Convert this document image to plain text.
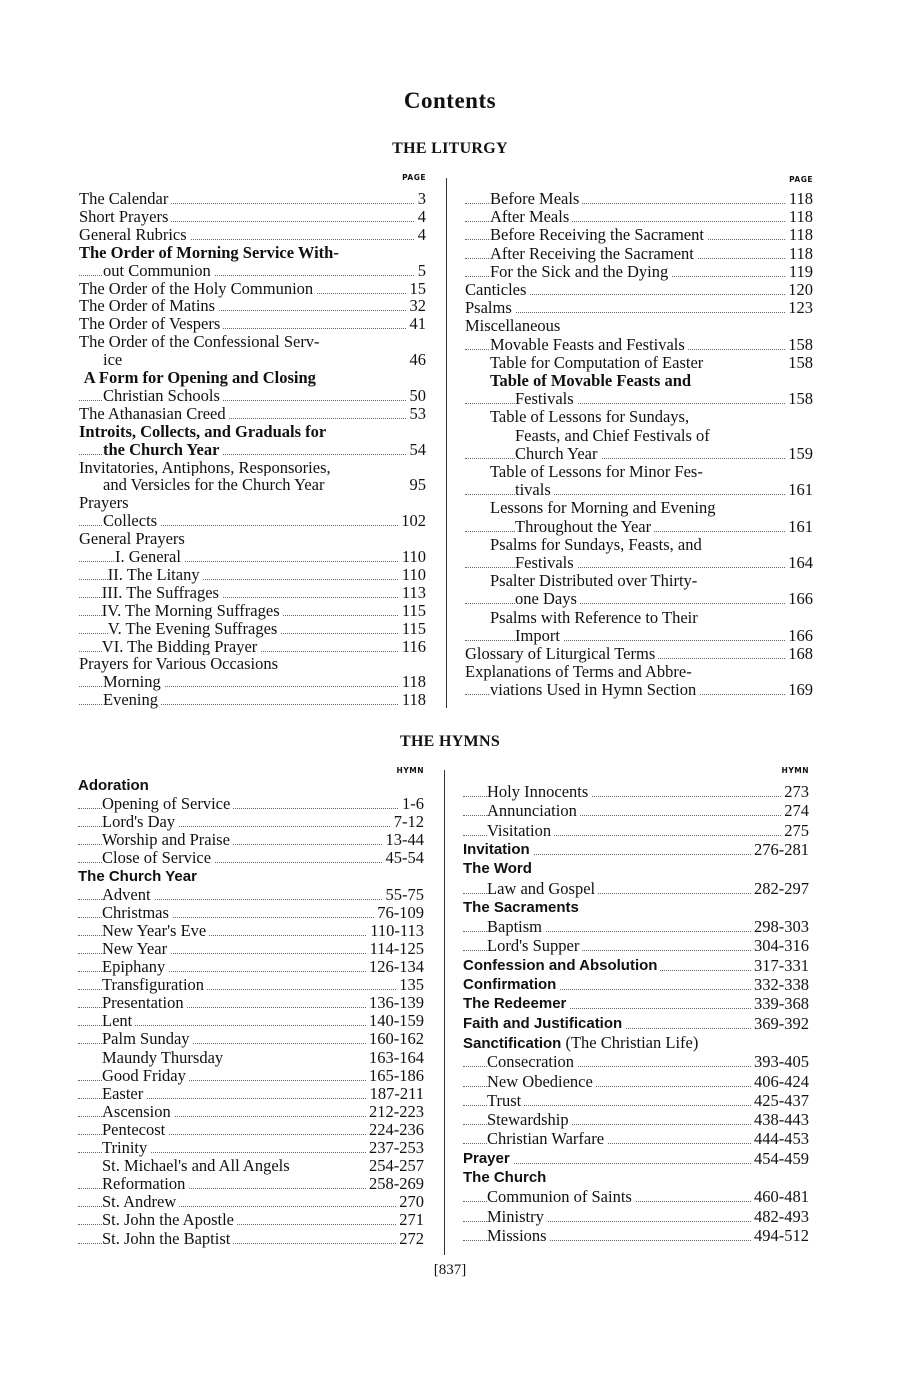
Contents
THE LITURGY
PAGE
The Calendar	3
Short Prayers	4
General Rubrics	4
The Order of Morning Service With-
out Communion	5
The Order of the Holy Communion	15
The Order of Matins	32
The Order of Vespers	41
The Order of the Confessional Serv-
ice	46
A Form for Opening and Closing
Christian Schools	50
The Athanasian Creed	53
Introits, Collects, and Graduals for
the Church Year	54
Invitatories, Antiphons, Responsories,
and Versicles for the Church Year	95
Prayers
Collects	102
General Prayers
I. General	110
II. The Litany	110
III. The Suffrages	113
IV. The Morning Suffrages	115
V. The Evening Suffrages	115
VI. The Bidding Prayer	116
Prayers for Various Occasions
Morning	118
Evening	118
PAGE
Before Meals	118
After Meals	118
Before Receiving the Sacrament	118
After Receiving the Sacrament	118
For the Sick and the Dying	119
Canticles	120
Psalms	123
Miscellaneous
Movable Feasts and Festivals	158
Table for Computation of Easter	158
Table of Movable Feasts and
Festivals	158
Table of Lessons for Sundays,
Feasts, and Chief Festivals of
Church Year	159
Table of Lessons for Minor Fes-
tivals	161
Lessons for Morning and Evening
Throughout the Year	161
Psalms for Sundays, Feasts, and
Festivals	164
Psalter Distributed over Thirty-
one Days	166
Psalms with Reference to Their
Import	166
Glossary of Liturgical Terms	168
Explanations of Terms and Abbre-
viations Used in Hymn Section	169
THE HYMNS
HYMN
Adoration
Opening of Service	1-6
Lord's Day	7-12
Worship and Praise	13-44
Close of Service	45-54
The Church Year
Advent	55-75
Christmas	76-109
New Year's Eve	110-113
New Year	114-125
Epiphany	126-134
Transfiguration	135
Presentation	136-139
Lent	140-159
Palm Sunday	160-162
Maundy Thursday	163-164
Good Friday	165-186
Easter	187-211
Ascension	212-223
Pentecost	224-236
Trinity	237-253
St. Michael's and All Angels	254-257
Reformation	258-269
St. Andrew	270
St. John the Apostle	271
St. John the Baptist	272
HYMN
Holy Innocents	273
Annunciation	274
Visitation	275
Invitation	276-281
The Word
Law and Gospel	282-297
The Sacraments
Baptism	298-303
Lord's Supper	304-316
Confession and Absolution	317-331
Confirmation	332-338
The Redeemer	339-368
Faith and Justification	369-392
Sanctification (The Christian Life)
Consecration	393-405
New Obedience	406-424
Trust	425-437
Stewardship	438-443
Christian Warfare	444-453
Prayer	454-459
The Church
Communion of Saints	460-481
Ministry	482-493
Missions	494-512
[837]
